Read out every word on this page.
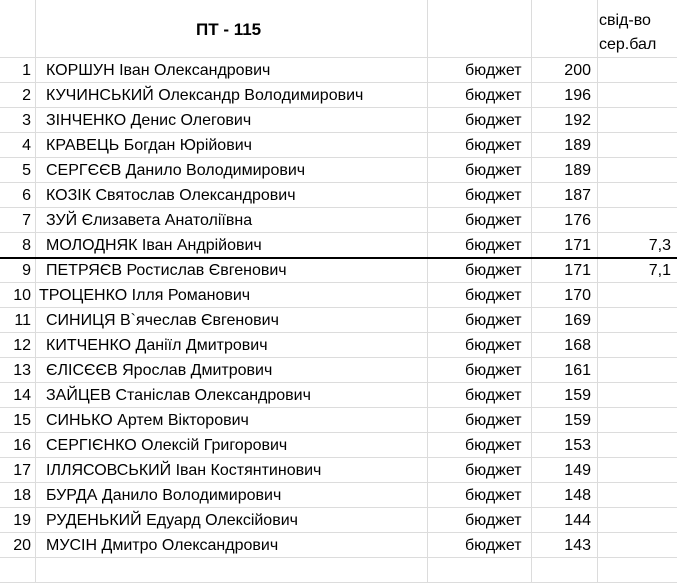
ПТ - 115	свід-во
сер.бал
1 КОРШУН Іван Олександрович	бюджет	200
2 КУЧИНСЬКИЙ Олександр Володимирович	бюджет	196
3 ЗІНЧЕНКО Денис Олегович	бюджет	192
4 КРАВЕЦЬ Богдан Юрійович	бюджет	189
5 СЕРГЄЄВ Данило Володимирович	бюджет	189
6 КОЗІК Святослав Олександрович	бюджет	187
7 ЗУЙ Єлизавета Анатоліївна	бюджет	176
8 МОЛОДНЯК Іван Андрійович	бюджет	171	7,3
9 ПЕТРЯЄВ Ростислав Євгенович	бюджет	171	7,1
10 ТРОЦЕНКО Ілля Романович	бюджет	170
11 СИНИЦЯ В`ячеслав Євгенович	бюджет	169
12 КИТЧЕНКО Даніїл Дмитрович	бюджет	168
13 ЄЛІСЄЄВ Ярослав Дмитрович	бюджет	161
14 ЗАЙЦЕВ Станіслав Олександрович	бюджет	159
15 СИНЬКО Артем Вікторович	бюджет	159
16 СЕРГІЄНКО Олексій Григорович	бюджет	153
17 ІЛЛЯСОВСЬКИЙ Іван Костянтинович	бюджет	149
18 БУРДА Данило Володимирович	бюджет	148
19 РУДЕНЬКИЙ Едуард Олексійович	бюджет	144
20 МУСІН Дмитро Олександрович	бюджет	143
